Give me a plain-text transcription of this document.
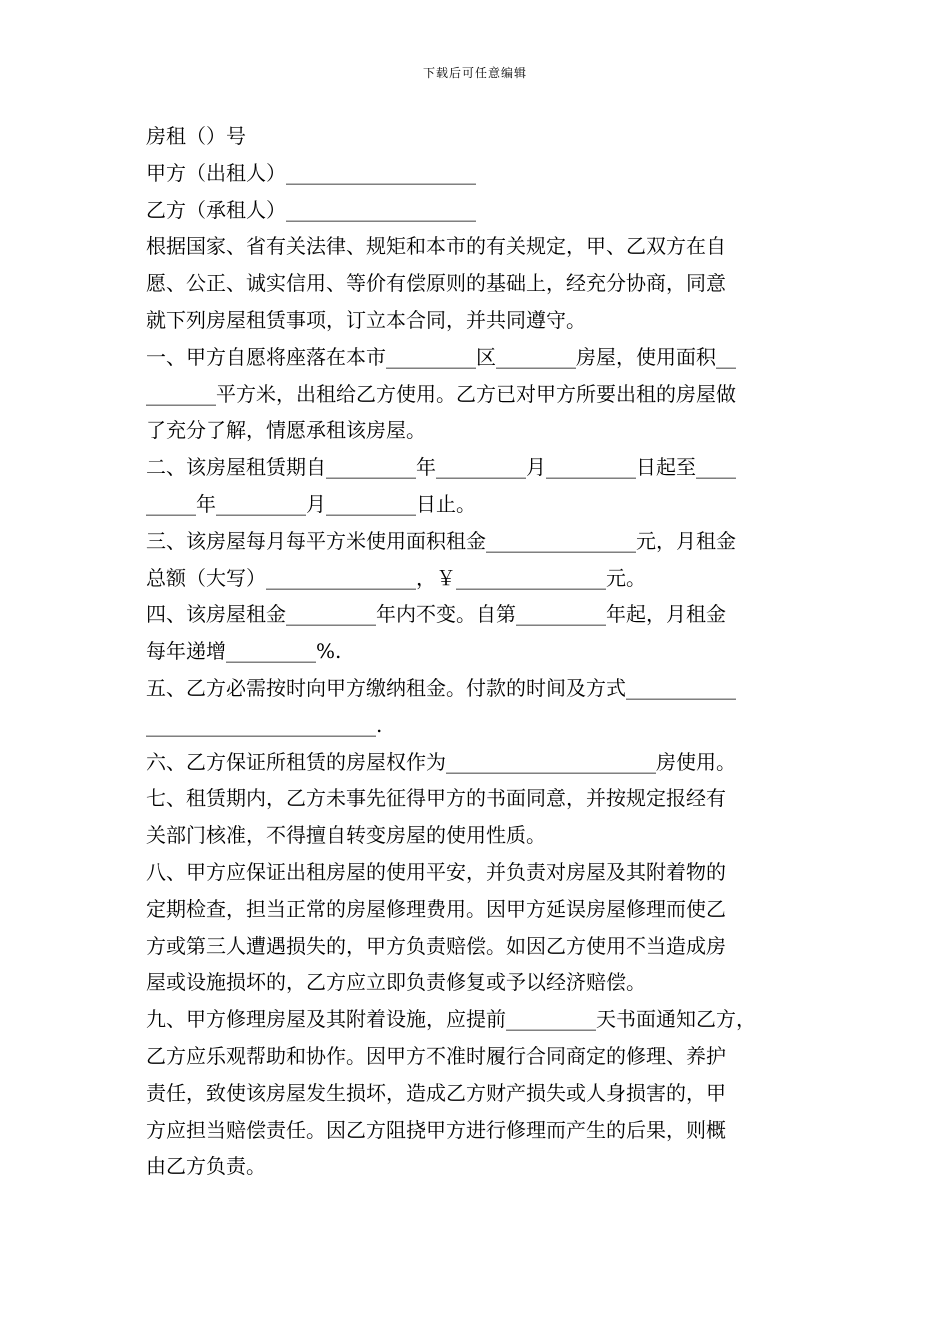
下载后可任意编辑
房租（）号
甲方（出租人）___________________
乙方（承租人）___________________
根据国家、省有关法律、规矩和本市的有关规定，甲、乙双方在自
愿、公正、诚实信用、等价有偿原则的基础上，经充分协商，同意
就下列房屋租赁事项，订立本合同，并共同遵守。
一、甲方自愿将座落在本市_________区________房屋，使用面积__
_______平方米，出租给乙方使用。乙方已对甲方所要出租的房屋做
了充分了解，情愿承租该房屋。
二、该房屋租赁期自_________年_________月_________日起至____
_____年_________月_________日止。
三、该房屋每月每平方米使用面积租金_______________元，月租金
总额（大写）_______________，￥_______________元。
四、该房屋租金_________年内不变。自第_________年起，月租金
每年递增_________%.
五、乙方必需按时向甲方缴纳租金。付款的时间及方式___________
_______________________.
六、乙方保证所租赁的房屋权作为_____________________房使用。
七、租赁期内，乙方未事先征得甲方的书面同意，并按规定报经有
关部门核准，不得擅自转变房屋的使用性质。
八、甲方应保证出租房屋的使用平安，并负责对房屋及其附着物的
定期检查，担当正常的房屋修理费用。因甲方延误房屋修理而使乙
方或第三人遭遇损失的，甲方负责赔偿。如因乙方使用不当造成房
屋或设施损坏的，乙方应立即负责修复或予以经济赔偿。
九、甲方修理房屋及其附着设施，应提前_________天书面通知乙方，
乙方应乐观帮助和协作。因甲方不准时履行合同商定的修理、养护
责任，致使该房屋发生损坏，造成乙方财产损失或人身损害的，甲
方应担当赔偿责任。因乙方阻挠甲方进行修理而产生的后果，则概
由乙方负责。
